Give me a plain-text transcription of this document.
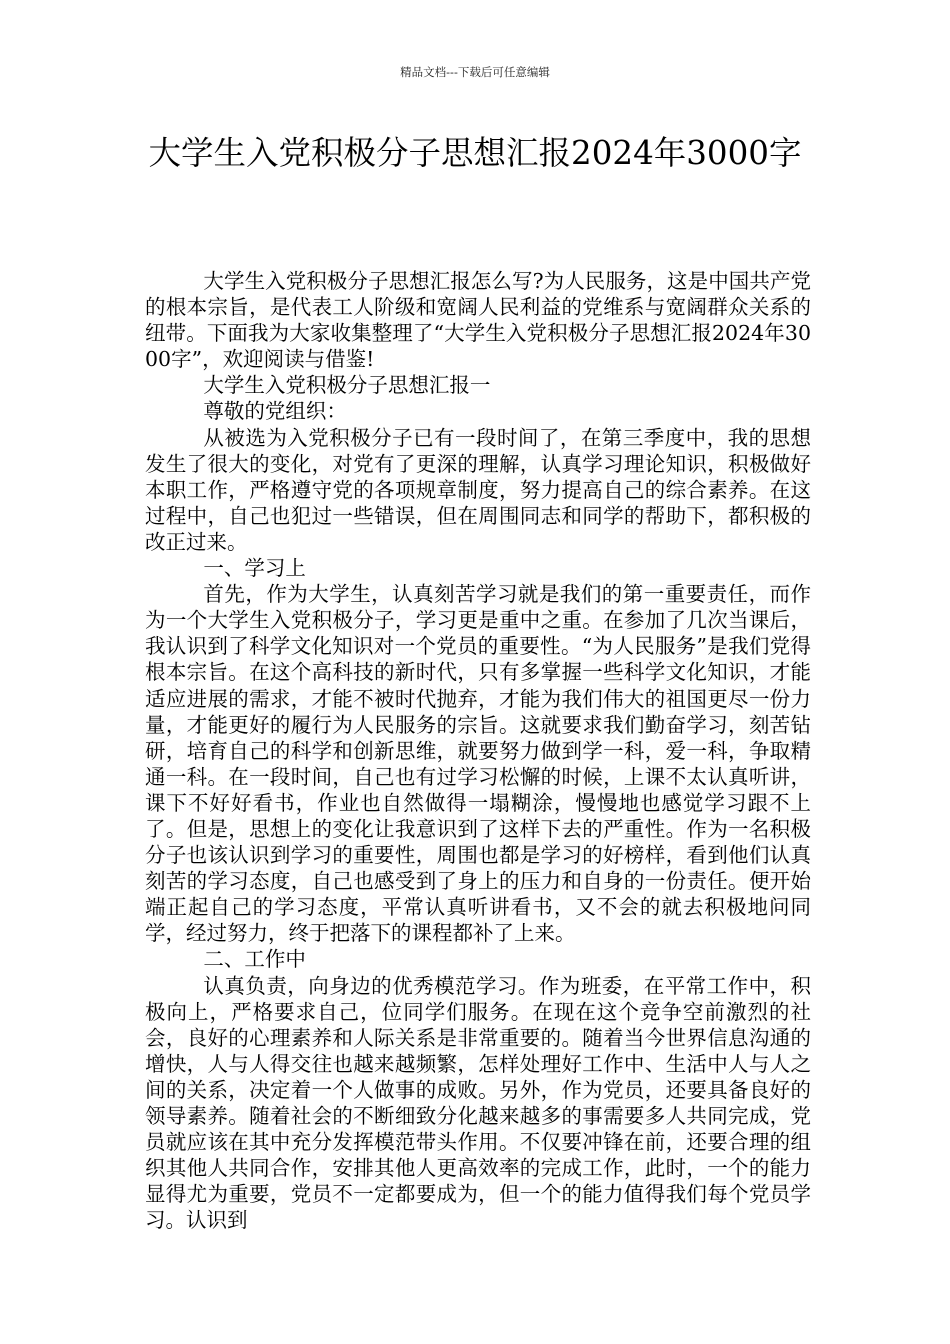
精品文档---下载后可任意编辑
大学生入党积极分子思想汇报2024年3000字

大学生入党积极分子思想汇报怎么写?为人民服务，这是中国共产党的根本宗旨，是代表工人阶级和宽阔人民利益的党维系与宽阔群众关系的纽带。下面我为大家收集整理了“大学生入党积极分子思想汇报2024年3000字”，欢迎阅读与借鉴!

大学生入党积极分子思想汇报一

尊敬的党组织：

从被选为入党积极分子已有一段时间了，在第三季度中，我的思想发生了很大的变化，对党有了更深的理解，认真学习理论知识，积极做好本职工作，严格遵守党的各项规章制度，努力提高自己的综合素养。在这过程中，自己也犯过一些错误，但在周围同志和同学的帮助下，都积极的改正过来。

一、学习上

首先，作为大学生，认真刻苦学习就是我们的第一重要责任，而作为一个大学生入党积极分子，学习更是重中之重。在参加了几次当课后，我认识到了科学文化知识对一个党员的重要性。“为人民服务”是我们党得根本宗旨。在这个高科技的新时代，只有多掌握一些科学文化知识，才能适应进展的需求，才能不被时代抛弃，才能为我们伟大的祖国更尽一份力量，才能更好的履行为人民服务的宗旨。这就要求我们勤奋学习，刻苦钻研，培育自己的科学和创新思维，就要努力做到学一科，爱一科，争取精通一科。在一段时间，自己也有过学习松懈的时候，上课不太认真听讲，课下不好好看书，作业也自然做得一塌糊涂，慢慢地也感觉学习跟不上了。但是，思想上的变化让我意识到了这样下去的严重性。作为一名积极分子也该认识到学习的重要性，周围也都是学习的好榜样，看到他们认真刻苦的学习态度，自己也感受到了身上的压力和自身的一份责任。便开始端正起自己的学习态度，平常认真听讲看书，又不会的就去积极地问同学，经过努力，终于把落下的课程都补了上来。

二、工作中

认真负责，向身边的优秀模范学习。作为班委，在平常工作中，积极向上，严格要求自己，位同学们服务。在现在这个竞争空前激烈的社会，良好的心理素养和人际关系是非常重要的。随着当今世界信息沟通的增快，人与人得交往也越来越频繁，怎样处理好工作中、生活中人与人之间的关系，决定着一个人做事的成败。另外，作为党员，还要具备良好的领导素养。随着社会的不断细致分化越来越多的事需要多人共同完成，党员就应该在其中充分发挥模范带头作用。不仅要冲锋在前，还要合理的组织其他人共同合作，安排其他人更高效率的完成工作，此时，一个的能力显得尤为重要，党员不一定都要成为，但一个的能力值得我们每个党员学习。认识到
